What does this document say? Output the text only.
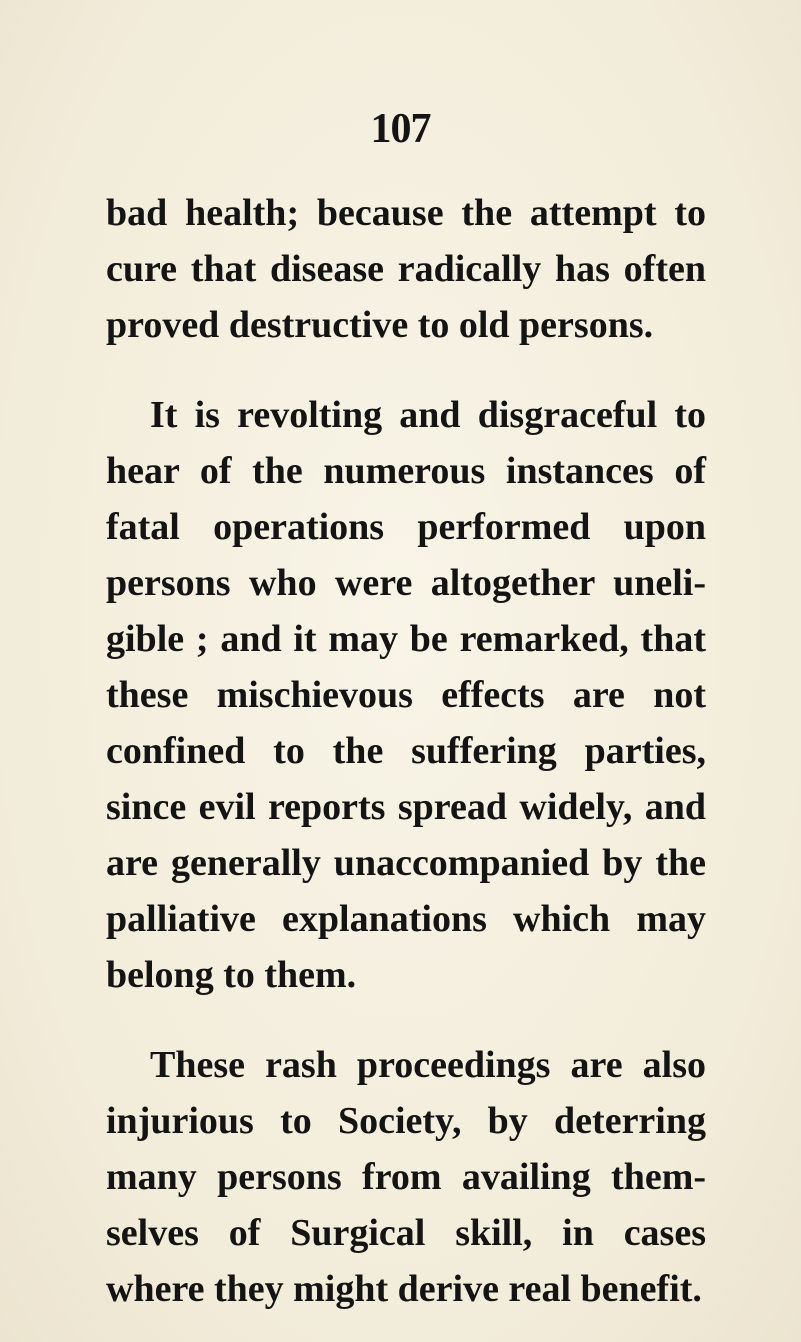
107
bad health; because the attempt to
cure that disease radically has often
proved destructive to old persons.
It is revolting and disgraceful to
hear of the numerous instances of
fatal operations performed upon
persons who were altogether uneli-
gible ; and it may be remarked, that
these mischievous effects are not
confined to the suffering parties,
since evil reports spread widely, and
are generally unaccompanied by the
palliative explanations which may
belong to them.
These rash proceedings are also
injurious to Society, by deterring
many persons from availing them-
selves of Surgical skill, in cases
where they might derive real benefit.
